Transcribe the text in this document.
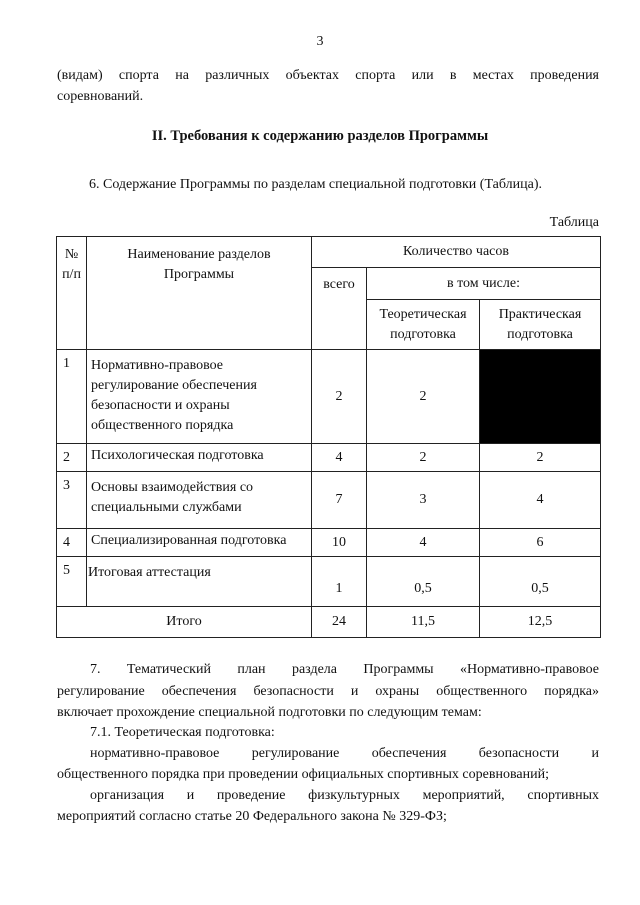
3
(видам) спорта на различных объектах спорта или в местах проведения
соревнований.
II. Требования к содержанию разделов Программы
6. Содержание Программы по разделам специальной подготовки (Таблица).
Таблица
№
п/п	Наименование разделов Программы	Количество часов		
		всего	в том числе:	
			Теоретическая подготовка	Практическая подготовка
1	Нормативно-правовое регулирование обеспечения безопасности и охраны общественного порядка	2	2	
2	Психологическая подготовка	4	2	2
3	Основы взаимодействия со специальными службами	7	3	4
4	Специализированная подготовка	10	4	6
5	Итоговая аттестация	1	0,5	0,5
Итого		24	11,5	12,5
7.   Тематический   план   раздела   Программы   «Нормативно-правовое
регулирование обеспечения безопасности и охраны общественного порядка»
включает прохождение специальной подготовки по следующим темам:
7.1. Теоретическая подготовка:
нормативно-правовое регулирование обеспечения безопасности и
общественного порядка при проведении официальных спортивных соревнований;
организация и проведение физкультурных мероприятий, спортивных
мероприятий согласно статье 20 Федерального закона № 329-ФЗ;
